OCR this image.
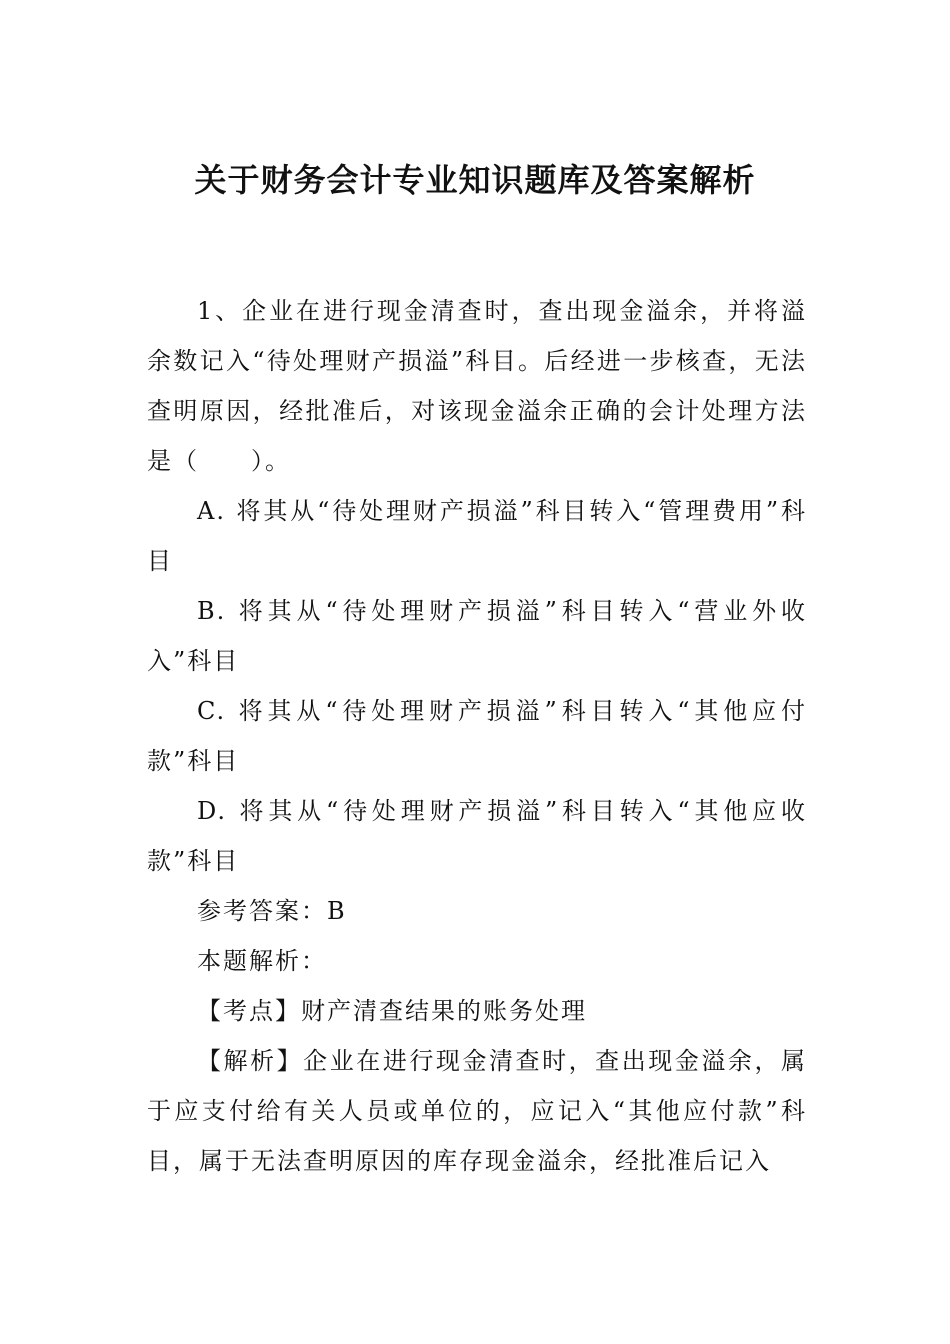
关于财务会计专业知识题库及答案解析

1、企业在进行现金清查时，查出现金溢余，并将溢余数记入“待处理财产损溢”科目。后经进一步核查，无法查明原因，经批准后，对该现金溢余正确的会计处理方法是（　　）。

A. 将其从“待处理财产损溢”科目转入“管理费用”科目

B. 将其从“待处理财产损溢”科目转入“营业外收入”科目

C. 将其从“待处理财产损溢”科目转入“其他应付款”科目

D. 将其从“待处理财产损溢”科目转入“其他应收款”科目

参考答案：B

本题解析：

【考点】财产清查结果的账务处理

【解析】企业在进行现金清查时，查出现金溢余，属于应支付给有关人员或单位的，应记入“其他应付款”科目，属于无法查明原因的库存现金溢余，经批准后记入
